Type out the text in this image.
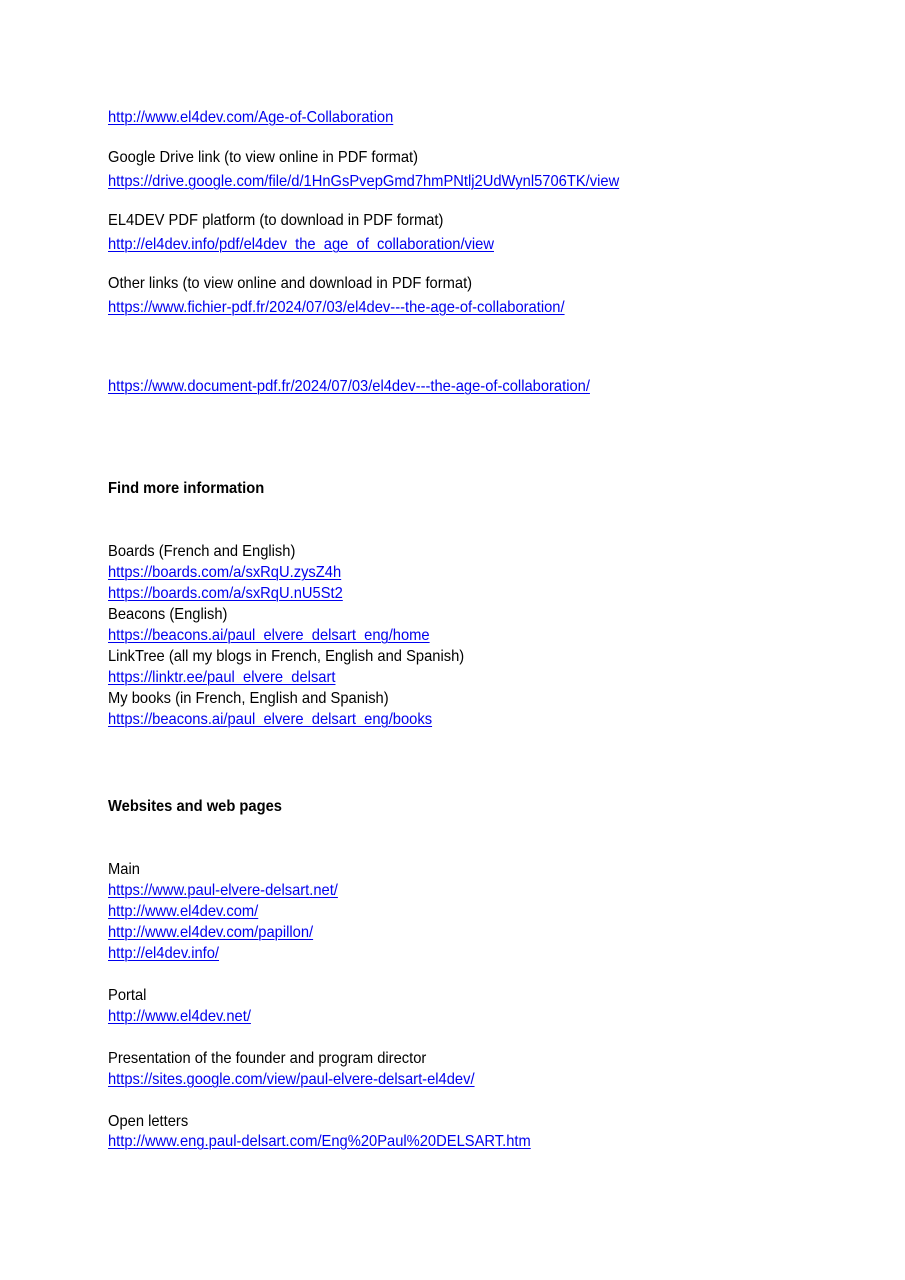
http://www.el4dev.com/Age-of-Collaboration
Google Drive link (to view online in PDF format)
https://drive.google.com/file/d/1HnGsPvepGmd7hmPNtlj2UdWynl5706TK/view
EL4DEV PDF platform (to download in PDF format)
http://el4dev.info/pdf/el4dev_the_age_of_collaboration/view
Other links (to view online and download in PDF format)
https://www.fichier-pdf.fr/2024/07/03/el4dev---the-age-of-collaboration/
https://www.document-pdf.fr/2024/07/03/el4dev---the-age-of-collaboration/
Find more information
Boards (French and English)
https://boards.com/a/sxRqU.zysZ4h
https://boards.com/a/sxRqU.nU5St2
Beacons (English)
https://beacons.ai/paul_elvere_delsart_eng/home
LinkTree (all my blogs in French, English and Spanish)
https://linktr.ee/paul_elvere_delsart
My books (in French, English and Spanish)
https://beacons.ai/paul_elvere_delsart_eng/books
Websites and web pages
Main
https://www.paul-elvere-delsart.net/
http://www.el4dev.com/
http://www.el4dev.com/papillon/
http://el4dev.info/
Portal
http://www.el4dev.net/
Presentation of the founder and program director
https://sites.google.com/view/paul-elvere-delsart-el4dev/
Open letters
http://www.eng.paul-delsart.com/Eng%20Paul%20DELSART.htm
